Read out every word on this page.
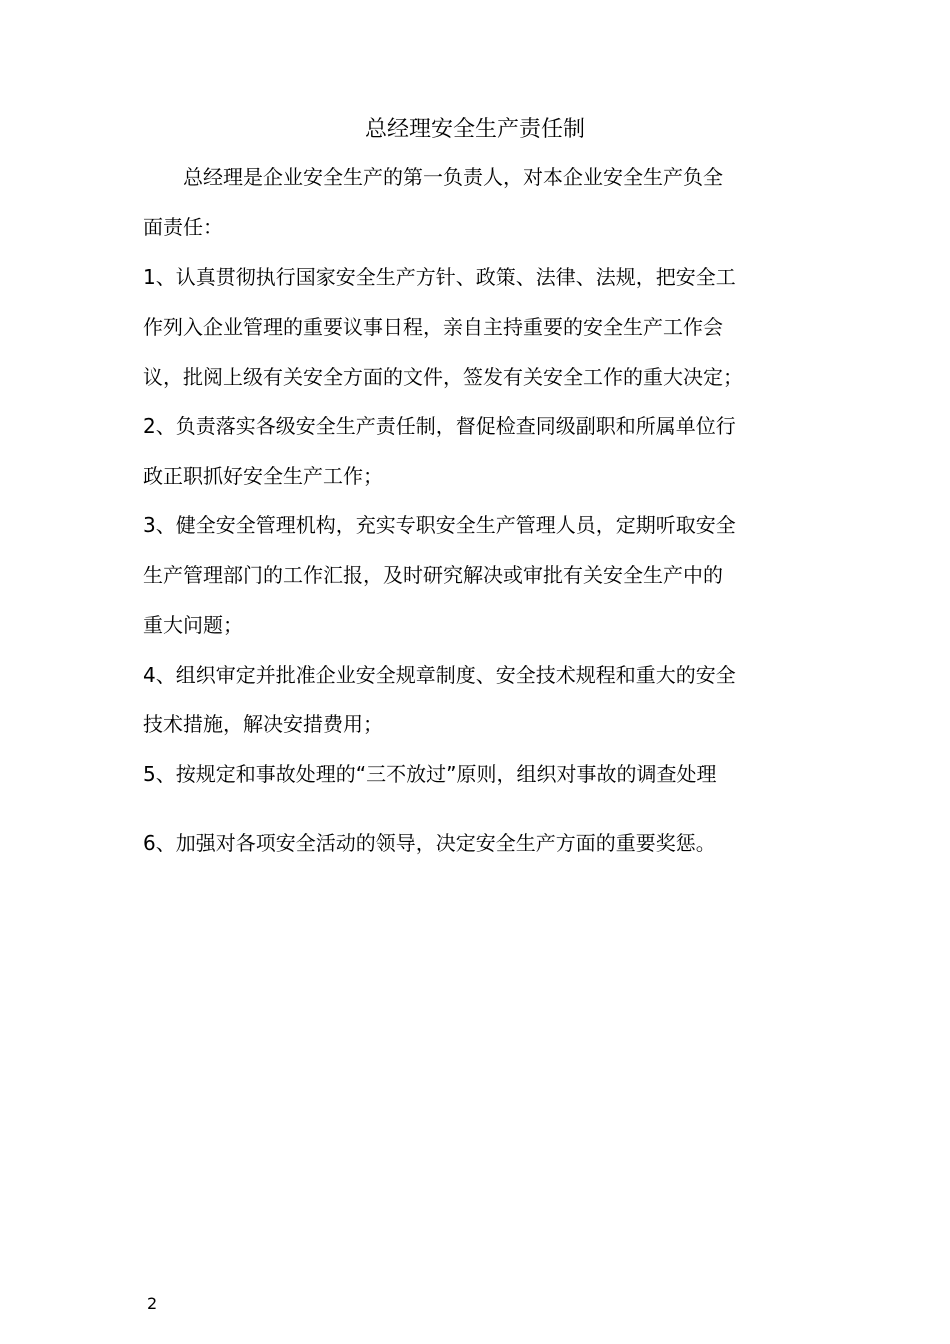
总经理安全生产责任制
总经理是企业安全生产的第一负责人，对本企业安全生产负全
面责任：
1、认真贯彻执行国家安全生产方针、政策、法律、法规，把安全工
作列入企业管理的重要议事日程，亲自主持重要的安全生产工作会
议，批阅上级有关安全方面的文件，签发有关安全工作的重大决定；
2、负责落实各级安全生产责任制，督促检查同级副职和所属单位行
政正职抓好安全生产工作；
3、健全安全管理机构，充实专职安全生产管理人员，定期听取安全
生产管理部门的工作汇报，及时研究解决或审批有关安全生产中的
重大问题；
4、组织审定并批准企业安全规章制度、安全技术规程和重大的安全
技术措施，解决安措费用；
5、按规定和事故处理的“三不放过”原则，组织对事故的调查处理
6、加强对各项安全活动的领导，决定安全生产方面的重要奖惩。
2
